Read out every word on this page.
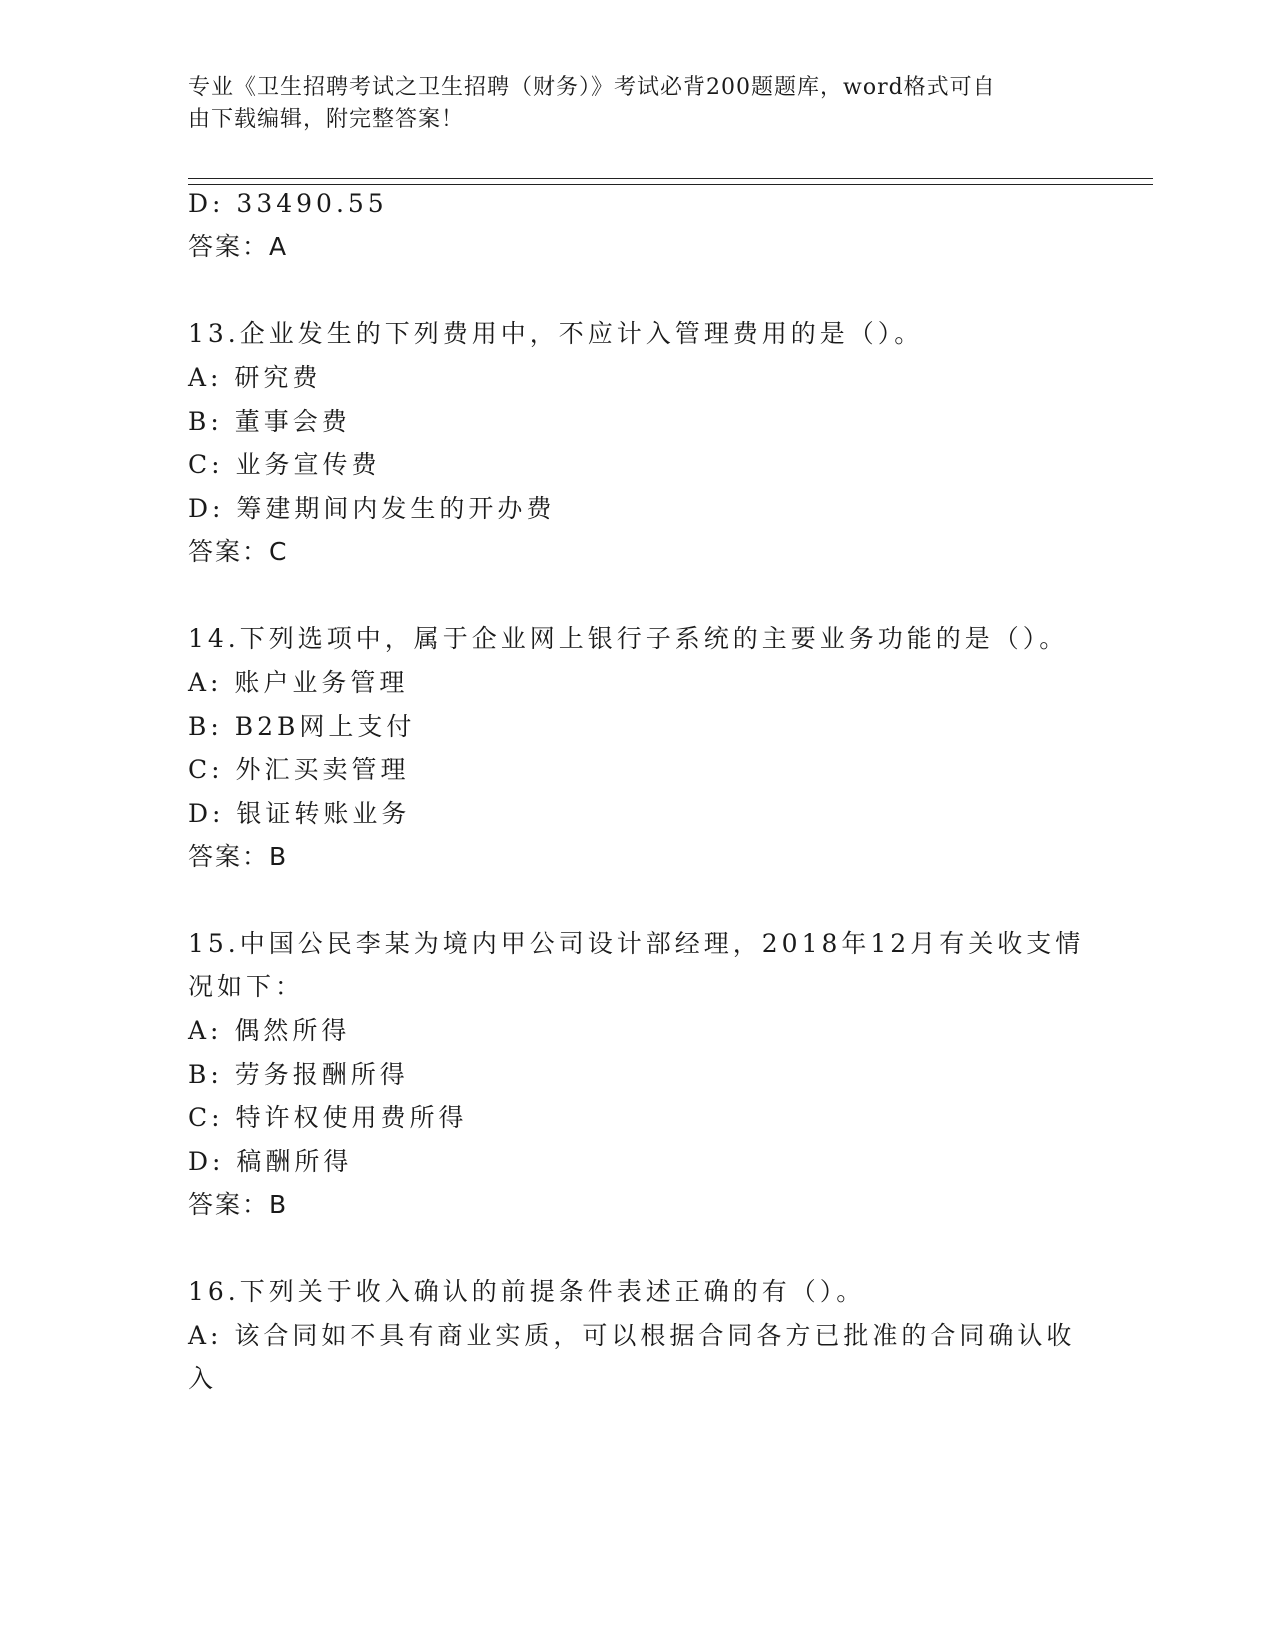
专业《卫生招聘考试之卫生招聘（财务）》考试必背200题题库，word格式可自
由下载编辑，附完整答案！
D: 33490.55
答案：A
13.企业发生的下列费用中，不应计入管理费用的是（）。
A: 研究费
B: 董事会费
C: 业务宣传费
D: 筹建期间内发生的开办费
答案：C
14.下列选项中，属于企业网上银行子系统的主要业务功能的是（）。
A: 账户业务管理
B: B2B网上支付
C: 外汇买卖管理
D: 银证转账业务
答案：B
15.中国公民李某为境内甲公司设计部经理，2018年12月有关收支情
况如下：
A: 偶然所得
B: 劳务报酬所得
C: 特许权使用费所得
D: 稿酬所得
答案：B
16.下列关于收入确认的前提条件表述正确的有（）。
A: 该合同如不具有商业实质，可以根据合同各方已批准的合同确认收
入
